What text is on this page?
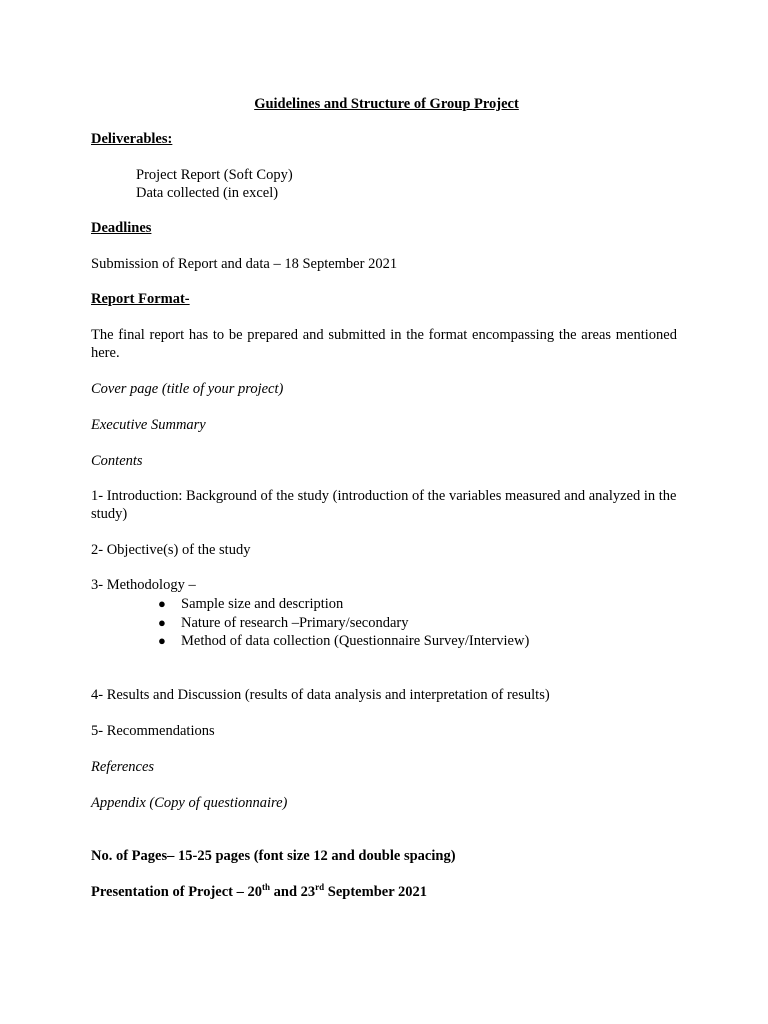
Guidelines and Structure of Group Project
Deliverables:
Project Report (Soft Copy)
Data collected (in excel)
Deadlines
Submission of Report and data – 18 September 2021
Report Format-
The final report has to be prepared and submitted in the format encompassing the areas mentioned here.
Cover page (title of your project)
Executive Summary
Contents
1- Introduction: Background of the study (introduction of the variables measured and analyzed in the study)
2- Objective(s) of the study
3- Methodology –
● Sample size and description
● Nature of research –Primary/secondary
● Method of data collection (Questionnaire Survey/Interview)
4- Results and Discussion (results of data analysis and interpretation of results)
5- Recommendations
References
Appendix (Copy of questionnaire)
No. of Pages– 15-25 pages (font size 12 and double spacing)
Presentation of Project – 20th and 23rd September 2021
